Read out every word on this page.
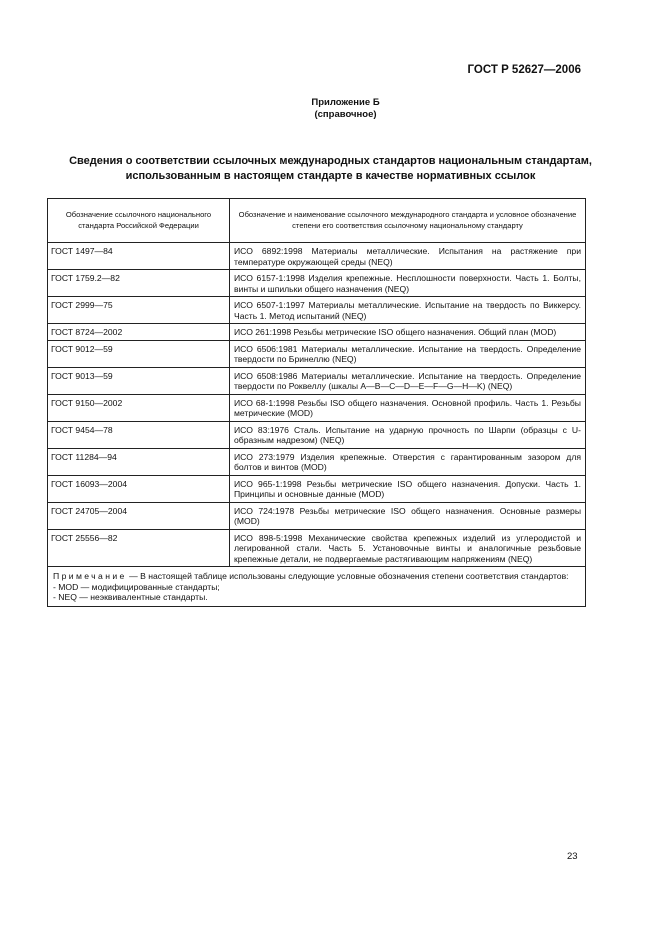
ГОСТ Р 52627—2006
Приложение Б
(справочное)
Сведения о соответствии ссылочных международных стандартов национальным стандартам,
использованным в настоящем стандарте в качестве нормативных ссылок
Обозначение ссылочного национального стандарта Российской Федерации	Обозначение и наименование ссылочного международного стандарта и условное обозначение степени его соответствия ссылочному национальному стандарту
ГОСТ 1497—84	ИСО 6892:1998 Материалы металлические. Испытания на растяжение при температуре окружающей среды (NEQ)
ГОСТ 1759.2—82	ИСО 6157-1:1998 Изделия крепежные. Несплошности поверхности. Часть 1. Болты, винты и шпильки общего назначения (NEQ)
ГОСТ 2999—75	ИСО 6507-1:1997 Материалы металлические. Испытание на твердость по Виккерсу. Часть 1. Метод испытаний (NEQ)
ГОСТ 8724—2002	ИСО 261:1998 Резьбы метрические ISO общего назначения. Общий план (MOD)
ГОСТ 9012—59	ИСО 6506:1981 Материалы металлические. Испытание на твердость. Определение твердости по Бринеллю (NEQ)
ГОСТ 9013—59	ИСО 6508:1986 Материалы металлические. Испытание на твердость. Определение твердости по Роквеллу (шкалы A—B—C—D—E—F—G—H—K) (NEQ)
ГОСТ 9150—2002	ИСО 68-1:1998 Резьбы ISO общего назначения. Основной профиль. Часть 1. Резьбы метрические (MOD)
ГОСТ 9454—78	ИСО 83:1976 Сталь. Испытание на ударную прочность по Шарпи (образцы с U-образным надрезом) (NEQ)
ГОСТ 11284—94	ИСО 273:1979 Изделия крепежные. Отверстия с гарантированным зазором для болтов и винтов (MOD)
ГОСТ 16093—2004	ИСО 965-1:1998 Резьбы метрические ISO общего назначения. Допуски. Часть 1. Принципы и основные данные (MOD)
ГОСТ 24705—2004	ИСО 724:1978 Резьбы метрические ISO общего назначения. Основные размеры (MOD)
ГОСТ 25556—82	ИСО 898-5:1998 Механические свойства крепежных изделий из углеродистой и легированной стали. Часть 5. Установочные винты и аналогичные резьбовые крепежные детали, не подвергаемые растягивающим напряжениям (NEQ)
Примечание — В настоящей таблице использованы следующие условные обозначения степени соответствия стандартов:
- MOD — модифицированные стандарты;
- NEQ — неэквивалентные стандарты.	
23
